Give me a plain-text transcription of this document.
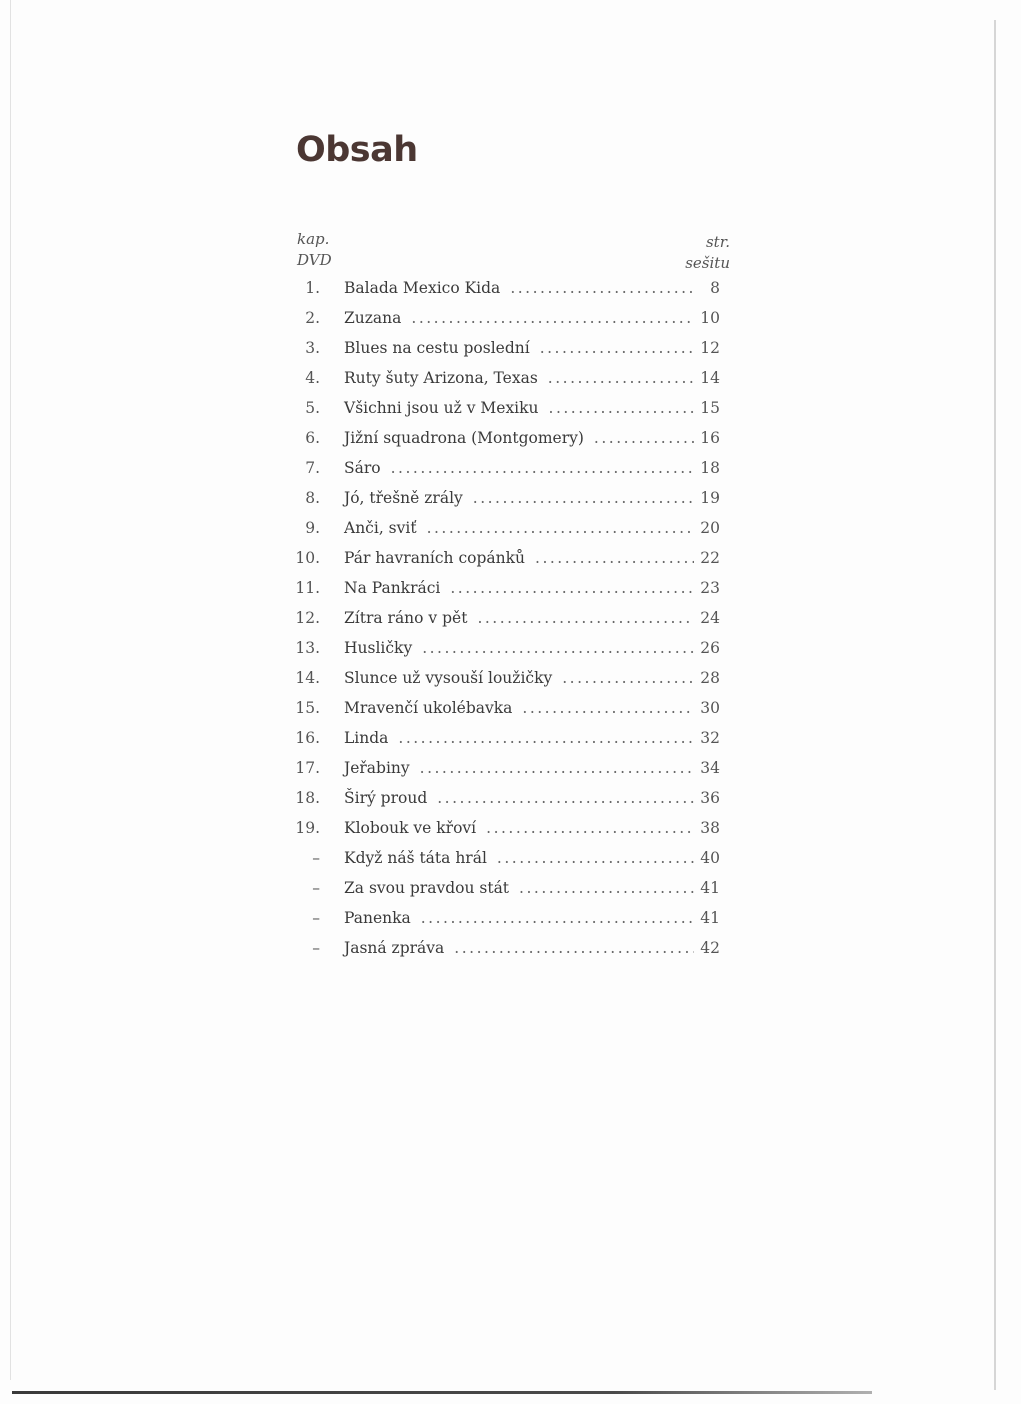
Obsah
kap.
DVD
str.
sešitu
1. Balada Mexico Kida .....	8
2. Zuzana .....	10
3. Blues na cestu poslední .....	12
4. Ruty šuty Arizona, Texas .....	14
5. Všichni jsou už v Mexiku .....	15
6. Jižní squadrona (Montgomery) .....	16
7. Sáro .....	18
8. Jó, třešně zrály .....	19
9. Anči, sviť .....	20
10. Pár havraních copánků .....	22
11. Na Pankráci .....	23
12. Zítra ráno v pět .....	24
13. Husličky .....	26
14. Slunce už vysouší loužičky .....	28
15. Mravenčí ukolébavka .....	30
16. Linda .....	32
17. Jeřabiny .....	34
18. Širý proud .....	36
19. Klobouk ve křoví .....	38
– Když náš táta hrál .....	40
– Za svou pravdou stát .....	41
– Panenka .....	41
– Jasná zpráva .....	42
